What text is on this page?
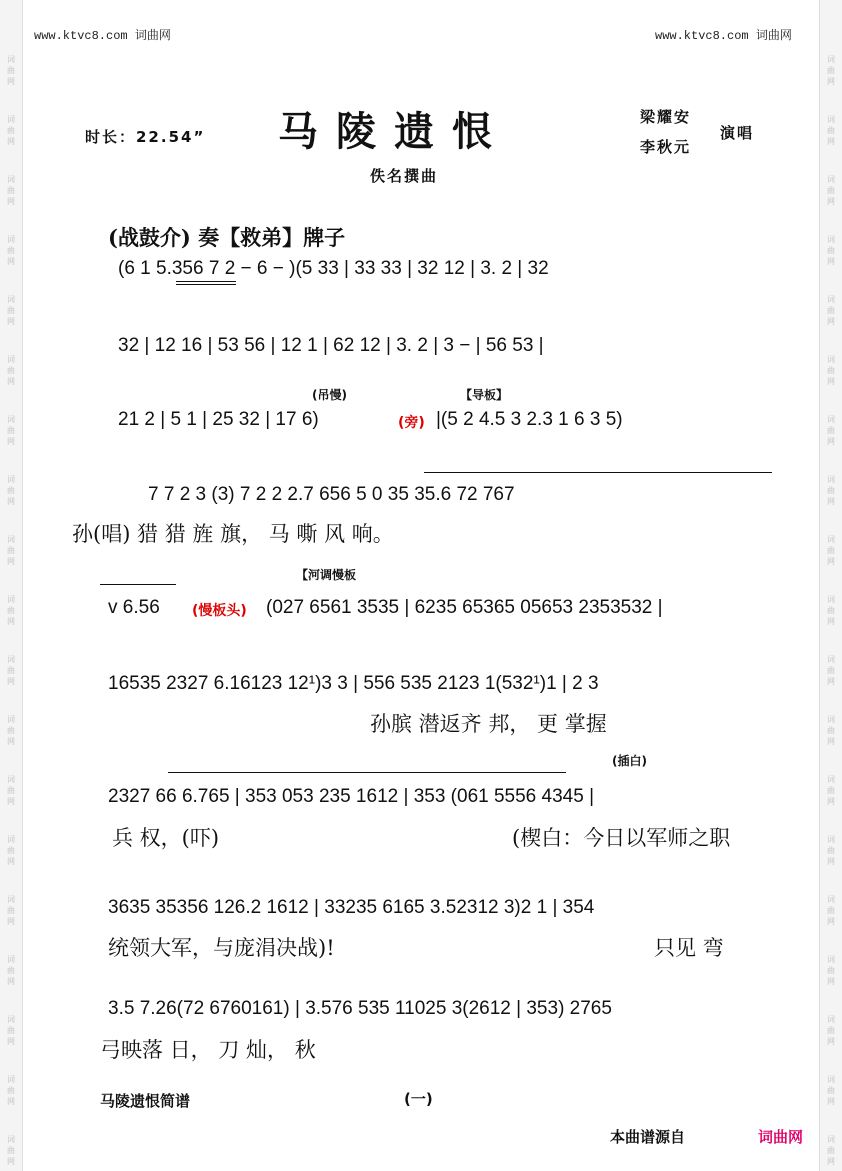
词
曲
网
词
曲
网
词
曲
网
词
曲
网
词
曲
网
词
曲
网
词
曲
网
词
曲
网
词
曲
网
词
曲
网
词
曲
网
词
曲
网
词
曲
网
词
曲
网
词
曲
网
词
曲
网
词
曲
网
词
曲
网
词
曲
网
词
曲
网
词
曲
网
词
曲
网
词
曲
网
词
曲
网
词
曲
网
词
曲
网
词
曲
网
词
曲
网
词
曲
网
词
曲
网
词
曲
网
词
曲
网
词
曲
网
词
曲
网
词
曲
网
词
曲
网
词
曲
网
词
曲
网
www.ktvc8.com 词曲网	www.ktvc8.com 词曲网
时长：22.54” 马陵遗恨	梁耀安
李秋元
演唱
佚名撰曲
(战鼓介) 奏【救弟】牌子
(6 1 5.356 7 2 − 6 − )(5 33 | 33 33 | 32 12 | 3. 2 | 32
32 | 12 16 | 53 56 | 12 1 | 62 12 | 3. 2 | 3 − | 56 53 |
(吊慢)	【导板】
21 2 | 5 1 | 25 32 | 17 6)	(旁) |(5 2 4.5 3 2.3 1 6 3 5)
7 7 2 3 (3) 7 2 2 2.7 656 5 0 35 35.6 72 767
孙(唱) 猎 猎 旌 旗， 马 嘶 风 响。
【河调慢板
v 6.56 (慢板头) (027 6561 3535 | 6235 65365 05653 2353532 |
16535 2327 6.16123 12¹)3 3 | 556 535 2123 1(532¹)1 | 2 3
孙膑 潜返齐 邦， 更 掌握
(插白)
2327 66 6.765 | 353 053 235 1612 | 353 (061 5556 4345 |
兵 权，(吓)	(楔白：今日以军师之职
3635 35356 126.2 1612 | 33235 6165 3.52312 3)2 1 | 354
统领大军，与庞涓决战)!	只见 弯
3.5 7.26(72 6760161) | 3.576 535 11025 3(2612 | 353) 2765
弓映落 日， 刀 灿， 秋
马陵遗恨简谱	(一)
本曲谱源自	词曲网
